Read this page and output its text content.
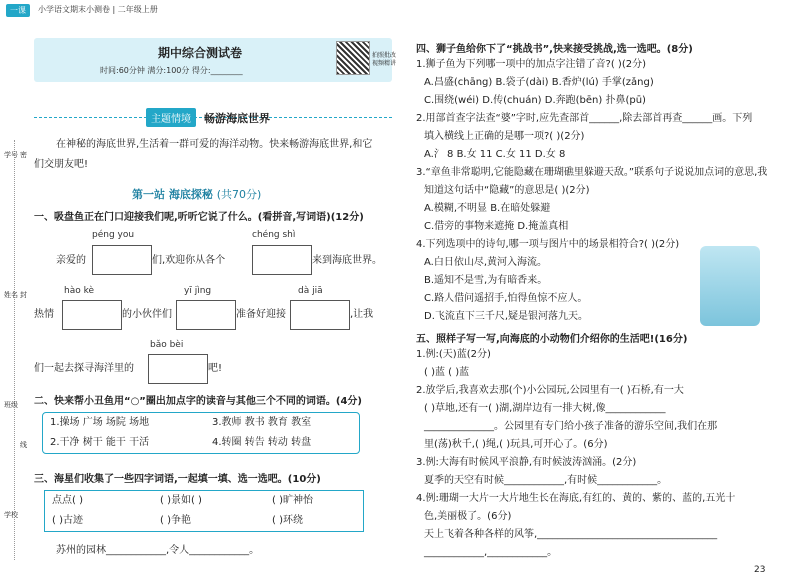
一课	小学语文期末小测卷 | 二年级上册
学号
姓名
班级
学校
密
封
线
期中综合测试卷
时间:60分钟 满分:100分 得分:________
拍照批改
视频精讲
主题情境	畅游海底世界
在神秘的海底世界,生活着一群可爱的海洋动物。快来畅游海底世界,和它
们交朋友吧!
第一站 海底探秘 (共70分)
一、吸盘鱼正在门口迎接我们呢,听听它说了什么。(看拼音,写词语)(12分)
péng you	chéng shì
亲爱的	们,欢迎你从各个	来到海底世界。
hào kè	yī jìng	dà jiā
热情	的小伙伴们	准备好迎接	,让我
bǎo bèi
们一起去探寻海洋里的	吧!
二、快来帮小丑鱼用“○”圈出加点字的读音与其他三个不同的词语。(4分)
1.操场 广场 场院 场地	3.教师 教书 教育 教室
2.干净 树干 能干 干活	4.转圈 转告 转动 转盘
三、海星们收集了一些四字词语,一起填一填、选一选吧。(10分)
点点( )	( )景如( )	( )旷神怡
( )古迹	( )争艳	( )环绕
苏州的园林____________,令人____________。
四、狮子鱼给你下了“挑战书”,快来接受挑战,选一选吧。(8分)
1.狮子鱼为下列哪一项中的加点字注错了音?( )(2分)
A.昌盛(chāng) B.袋子(dài) B.香炉(lú) 手掌(zǎng)
C.围绕(wéi) D.传(chuán) D.奔跑(bēn) 扑鼻(pū)
2.用部首查字法查“婆”字时,应先查部首______,除去部首再查______画。下列
填入横线上正确的是哪一项?( )(2分)
A.氵 8 B.女 11 C.女 11 D.女 8
3.“章鱼非常聪明,它能隐藏在珊瑚礁里躲避天敌。”联系句子说说加点词的意思,我
知道这句话中“隐藏”的意思是( )(2分)
A.模糊,不明显 B.在暗处躲避
C.借旁的事物来遮掩 D.掩盖真相
4.下列选项中的诗句,哪一项与图片中的场景相符合?( )(2分)
A.白日依山尽,黄河入海流。
B.遥知不是雪,为有暗香来。
C.路人借问遥招手,怕得鱼惊不应人。
D.飞流直下三千尺,疑是银河落九天。
五、照样子写一写,向海底的小动物们介绍你的生活吧!(16分)
1.例:(天)蓝(2分)
( )蓝 ( )蓝
2.放学后,我喜欢去那(个)小公园玩,公园里有一( )石桥,有一大
( )草地,还有一( )湖,湖岸边有一排大树,像____________
______________。公园里有专门给小孩子准备的游乐空间,我们在那
里(荡)秋千,( )绳,( )玩具,可开心了。(6分)
3.例:大海有时候风平浪静,有时候波涛汹涌。(2分)
夏季的天空有时候____________,有时候____________。
4.例:珊瑚一大片一大片地生长在海底,有红的、黄的、紫的、蓝的,五光十
色,美丽极了。(6分)
天上飞着各种各样的风筝,____________________________________
____________,____________。
23
